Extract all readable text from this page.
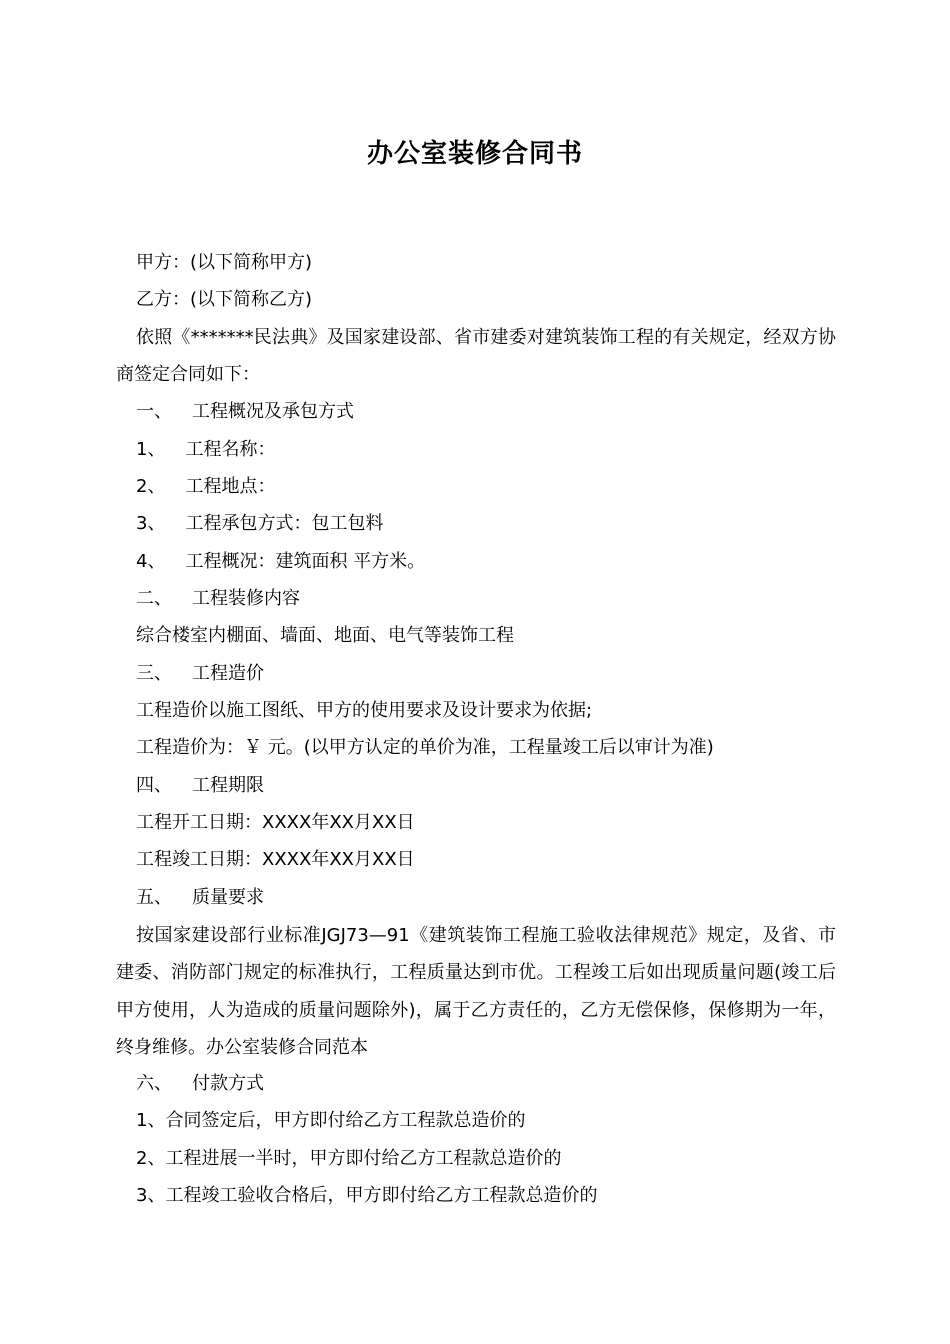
办公室装修合同书
甲方：(以下简称甲方)
乙方：(以下简称乙方)
依照《*******民法典》及国家建设部、省市建委对建筑装饰工程的有关规定，经双方协商签定合同如下：
一、 工程概况及承包方式
1、 工程名称：
2、 工程地点：
3、 工程承包方式：包工包料
4、 工程概况：建筑面积 平方米。
二、 工程装修内容
综合楼室内棚面、墙面、地面、电气等装饰工程
三、 工程造价
工程造价以施工图纸、甲方的使用要求及设计要求为依据;
工程造价为：￥ 元。(以甲方认定的单价为准，工程量竣工后以审计为准)
四、 工程期限
工程开工日期：XXXX年XX月XX日
工程竣工日期：XXXX年XX月XX日
五、 质量要求
按国家建设部行业标准JGJ73—91《建筑装饰工程施工验收法律规范》规定，及省、市建委、消防部门规定的标准执行，工程质量达到市优。工程竣工后如出现质量问题(竣工后甲方使用，人为造成的质量问题除外)，属于乙方责任的，乙方无偿保修，保修期为一年，终身维修。办公室装修合同范本
六、 付款方式
1、合同签定后，甲方即付给乙方工程款总造价的
2、工程进展一半时，甲方即付给乙方工程款总造价的
3、工程竣工验收合格后，甲方即付给乙方工程款总造价的
